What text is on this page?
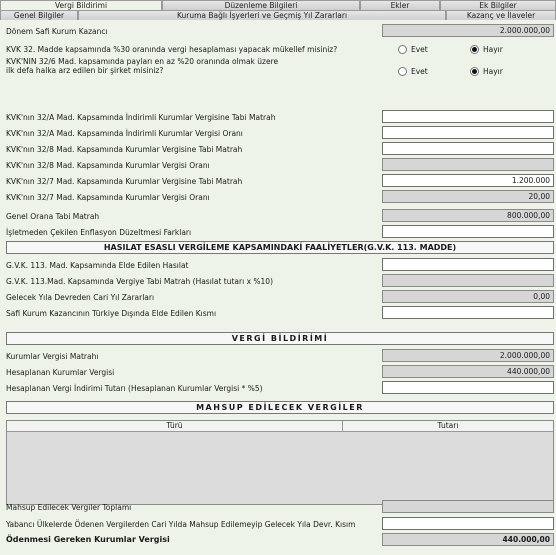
Vergi Bildirimi	Düzenleme Bilgileri	Ekler	Ek Bilgiler
Genel Bilgiler	Kuruma Bağlı İşyerleri ve Geçmiş Yıl Zararları	Kazanç ve İlaveler
Dönem Safi Kurum Kazancı	2.000.000,00
KVK 32. Madde kapsamında %30 oranında vergi hesaplaması yapacak mükellef misiniz?	Evet	Hayır
KVK'NIN 32/6 Mad. kapsamında payları en az %20 oranında olmak üzere
ilk defa halka arz edilen bir şirket misiniz?	Evet	Hayır
KVK'nın 32/A Mad. Kapsamında İndirimli Kurumlar Vergisine Tabi Matrah
KVK'nın 32/A Mad. Kapsamında İndirimli Kurumlar Vergisi Oranı
KVK'nın 32/8 Mad. Kapsamında Kurumlar Vergisine Tabi Matrah
KVK'nın 32/8 Mad. Kapsamında Kurumlar Vergisi Oranı
KVK'nın 32/7 Mad. Kapsamında Kurumlar Vergisine Tabi Matrah	1.200.000
KVK'nın 32/7 Mad. Kapsamında Kurumlar Vergisi Oranı	20,00
Genel Orana Tabi Matrah	800.000,00
İşletmeden Çekilen Enflasyon Düzeltmesi Farkları
HASILAT ESASLI VERGİLEME KAPSAMINDAKİ FAALİYETLER(G.V.K. 113. MADDE)
G.V.K. 113. Mad. Kapsamında Elde Edilen Hasılat
G.V.K. 113.Mad. Kapsamında Vergiye Tabi Matrah (Hasılat tutarı x %10)
Gelecek Yıla Devreden Cari Yıl Zararları	0,00
Safi Kurum Kazancının Türkiye Dışında Elde Edilen Kısmı
VERGİ BİLDİRİMİ
Kurumlar Vergisi Matrahı	2.000.000,00
Hesaplanan Kurumlar Vergisi	440.000,00
Hesaplanan Vergi İndirimi Tutarı (Hesaplanan Kurumlar Vergisi * %5)
MAHSUP EDİLECEK VERGİLER
Türü	Tutarı
Mahsup Edilecek Vergiler Toplamı
Yabancı Ülkelerde Ödenen Vergilerden Cari Yılda Mahsup Edilemeyip Gelecek Yıla Devr. Kısım
Ödenmesi Gereken Kurumlar Vergisi	440.000,00
